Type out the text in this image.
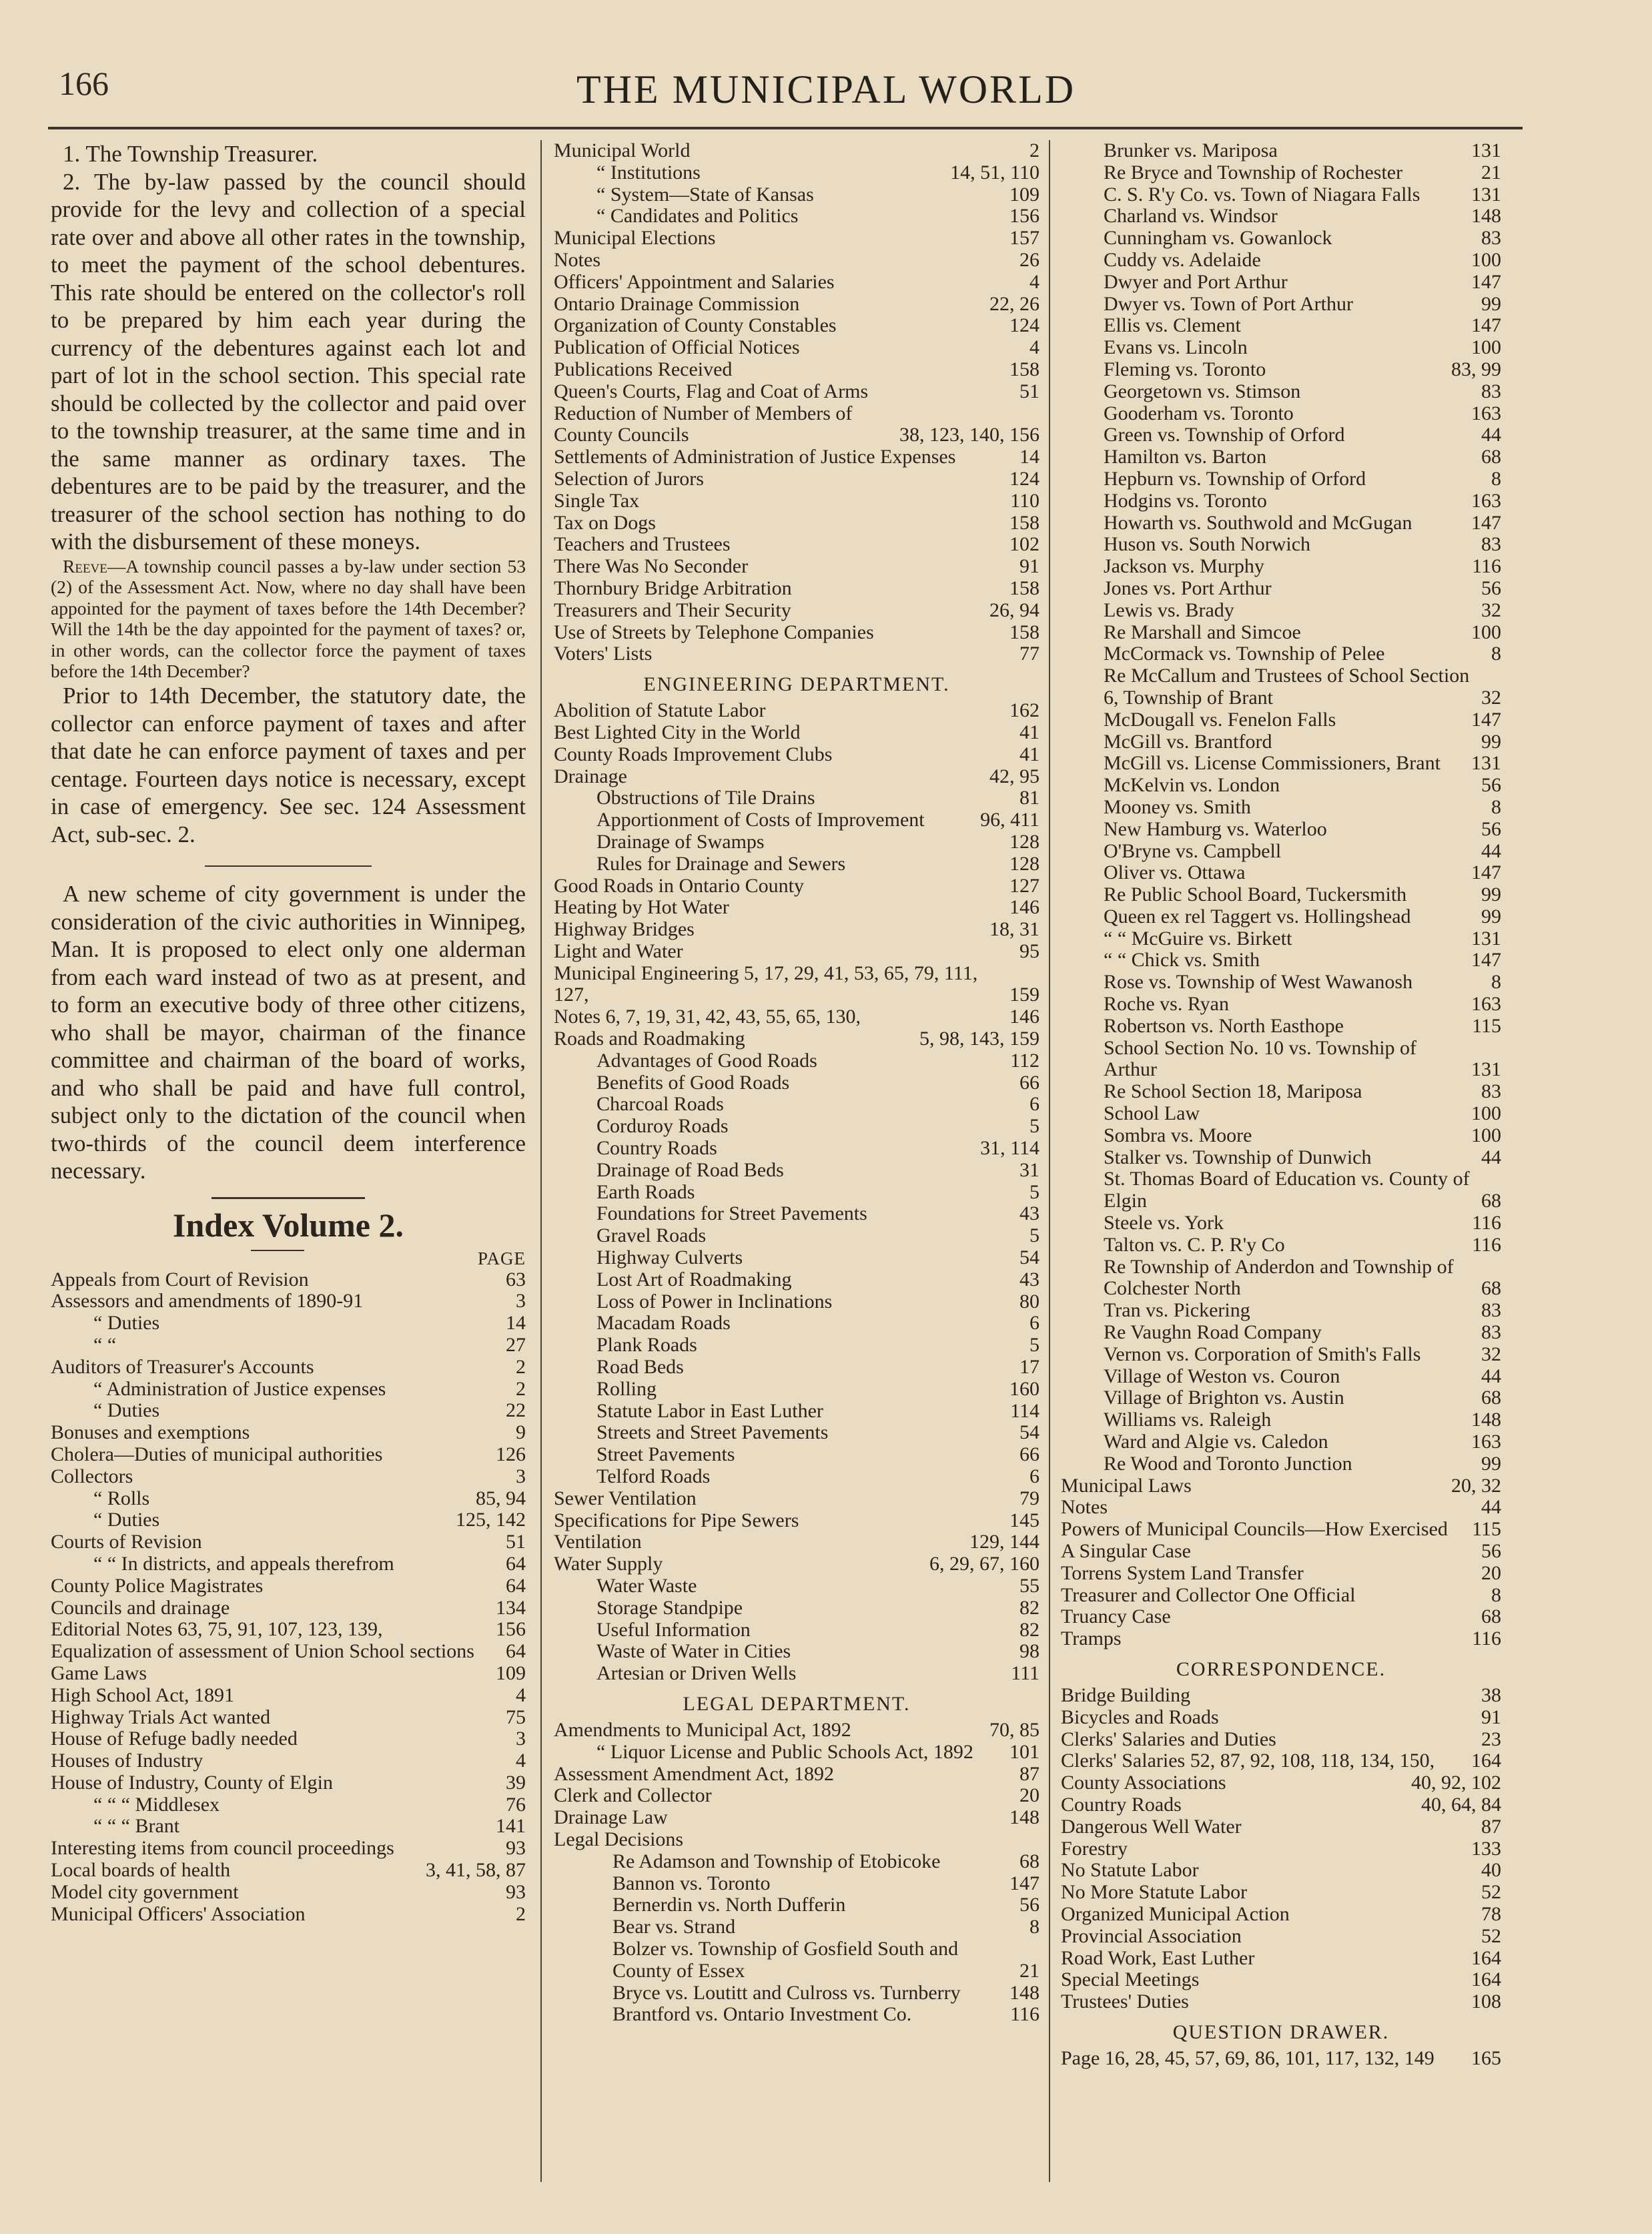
166	THE MUNICIPAL WORLD

1. The Township Treasurer.

2. The by-law passed by the council should provide for the levy and collection of a special rate over and above all other rates in the township, to meet the payment of the school debentures. This rate should be entered on the collector's roll to be prepared by him each year during the currency of the debentures against each lot and part of lot in the school section. This special rate should be collected by the collector and paid over to the township treasurer, at the same time and in the same manner as ordinary taxes. The debentures are to be paid by the treasurer, and the treasurer of the school section has nothing to do with the disbursement of these moneys.

Reeve—A township council passes a by-law under section 53 (2) of the Assessment Act. Now, where no day shall have been appointed for the payment of taxes before the 14th December? Will the 14th be the day appointed for the payment of taxes? or, in other words, can the collector force the payment of taxes before the 14th December?

Prior to 14th December, the statutory date, the collector can enforce payment of taxes and after that date he can enforce payment of taxes and per centage. Fourteen days notice is necessary, except in case of emergency. See sec. 124 Assessment Act, sub-sec. 2.

A new scheme of city government is under the consideration of the civic authorities in Winnipeg, Man. It is proposed to elect only one alderman from each ward instead of two as at present, and to form an executive body of three other citizens, who shall be mayor, chairman of the finance committee and chairman of the board of works, and who shall be paid and have full control, subject only to the dictation of the council when two-thirds of the council deem interference necessary.

Index Volume 2.
PAGE
Appeals from Court of Revision	63
Assessors and amendments of 1890-91	3
“ Duties	14
“ “	27
Auditors of Treasurer's Accounts	2
“ Administration of Justice expenses	2
“ Duties	22
Bonuses and exemptions	9
Cholera—Duties of municipal authorities	126
Collectors	3
“ Rolls	85, 94
“ Duties	125, 142
Courts of Revision	51
“ “ In districts, and appeals therefrom	64
County Police Magistrates	64
Councils and drainage	134
Editorial Notes 63, 75, 91, 107, 123, 139,	156
Equalization of assessment of Union School sections	64
Game Laws	109
High School Act, 1891	4
Highway Trials Act wanted	75
House of Refuge badly needed	3
Houses of Industry	4
House of Industry, County of Elgin	39
“ “ “ Middlesex	76
“ “ “ Brant	141
Interesting items from council proceedings	93
Local boards of health	3, 41, 58, 87
Model city government	93
Municipal Officers' Association	2
Municipal World	2
“ Institutions	14, 51, 110
“ System—State of Kansas	109
“ Candidates and Politics	156
Municipal Elections	157
Notes	26
Officers' Appointment and Salaries	4
Ontario Drainage Commission	22, 26
Organization of County Constables	124
Publication of Official Notices	4
Publications Received	158
Queen's Courts, Flag and Coat of Arms	51
Reduction of Number of Members of County Councils	38, 123, 140, 156
Settlements of Administration of Justice Expenses	14
Selection of Jurors	124
Single Tax	110
Tax on Dogs	158
Teachers and Trustees	102
There Was No Seconder	91
Thornbury Bridge Arbitration	158
Treasurers and Their Security	26, 94
Use of Streets by Telephone Companies	158
Voters' Lists	77
ENGINEERING DEPARTMENT.
Abolition of Statute Labor	162
Best Lighted City in the World	41
County Roads Improvement Clubs	41
Drainage	42, 95
Obstructions of Tile Drains	81
Apportionment of Costs of Improvement	96, 411
Drainage of Swamps	128
Rules for Drainage and Sewers	128
Good Roads in Ontario County	127
Heating by Hot Water	146
Highway Bridges	18, 31
Light and Water	95
Municipal Engineering 5, 17, 29, 41, 53, 65, 79, 111, 127,	159
Notes 6, 7, 19, 31, 42, 43, 55, 65, 130,	146
Roads and Roadmaking	5, 98, 143, 159
Advantages of Good Roads	112
Benefits of Good Roads	66
Charcoal Roads	6
Corduroy Roads	5
Country Roads	31, 114
Drainage of Road Beds	31
Earth Roads	5
Foundations for Street Pavements	43
Gravel Roads	5
Highway Culverts	54
Lost Art of Roadmaking	43
Loss of Power in Inclinations	80
Macadam Roads	6
Plank Roads	5
Road Beds	17
Rolling	160
Statute Labor in East Luther	114
Streets and Street Pavements	54
Street Pavements	66
Telford Roads	6
Sewer Ventilation	79
Specifications for Pipe Sewers	145
Ventilation	129, 144
Water Supply	6, 29, 67, 160
Water Waste	55
Storage Standpipe	82
Useful Information	82
Waste of Water in Cities	98
Artesian or Driven Wells	111
LEGAL DEPARTMENT.
Amendments to Municipal Act, 1892	70, 85
“ Liquor License and Public Schools Act, 1892	101
Assessment Amendment Act, 1892	87
Clerk and Collector	20
Drainage Law	148
Legal Decisions
Re Adamson and Township of Etobicoke	68
Bannon vs. Toronto	147
Bernerdin vs. North Dufferin	56
Bear vs. Strand	8
Bolzer vs. Township of Gosfield South and County of Essex	21
Bryce vs. Loutitt and Culross vs. Turnberry	148
Brantford vs. Ontario Investment Co.	116
Brunker vs. Mariposa	131
Re Bryce and Township of Rochester	21
C. S. R'y Co. vs. Town of Niagara Falls	131
Charland vs. Windsor	148
Cunningham vs. Gowanlock	83
Cuddy vs. Adelaide	100
Dwyer and Port Arthur	147
Dwyer vs. Town of Port Arthur	99
Ellis vs. Clement	147
Evans vs. Lincoln	100
Fleming vs. Toronto	83, 99
Georgetown vs. Stimson	83
Gooderham vs. Toronto	163
Green vs. Township of Orford	44
Hamilton vs. Barton	68
Hepburn vs. Township of Orford	8
Hodgins vs. Toronto	163
Howarth vs. Southwold and McGugan	147
Huson vs. South Norwich	83
Jackson vs. Murphy	116
Jones vs. Port Arthur	56
Lewis vs. Brady	32
Re Marshall and Simcoe	100
McCormack vs. Township of Pelee	8
Re McCallum and Trustees of School Section 6, Township of Brant	32
McDougall vs. Fenelon Falls	147
McGill vs. Brantford	99
McGill vs. License Commissioners, Brant	131
McKelvin vs. London	56
Mooney vs. Smith	8
New Hamburg vs. Waterloo	56
O'Bryne vs. Campbell	44
Oliver vs. Ottawa	147
Re Public School Board, Tuckersmith	99
Queen ex rel Taggert vs. Hollingshead	99
“ “ McGuire vs. Birkett	131
“ “ Chick vs. Smith	147
Rose vs. Township of West Wawanosh	8
Roche vs. Ryan	163
Robertson vs. North Easthope	115
School Section No. 10 vs. Township of Arthur	131
Re School Section 18, Mariposa	83
School Law	100
Sombra vs. Moore	100
Stalker vs. Township of Dunwich	44
St. Thomas Board of Education vs. County of Elgin	68
Steele vs. York	116
Talton vs. C. P. R'y Co	116
Re Township of Anderdon and Township of Colchester North	68
Tran vs. Pickering	83
Re Vaughn Road Company	83
Vernon vs. Corporation of Smith's Falls	32
Village of Weston vs. Couron	44
Village of Brighton vs. Austin	68
Williams vs. Raleigh	148
Ward and Algie vs. Caledon	163
Re Wood and Toronto Junction	99
Municipal Laws	20, 32
Notes	44
Powers of Municipal Councils—How Exercised	115
A Singular Case	56
Torrens System Land Transfer	20
Treasurer and Collector One Official	8
Truancy Case	68
Tramps	116
CORRESPONDENCE.
Bridge Building	38
Bicycles and Roads	91
Clerks' Salaries and Duties	23
Clerks' Salaries 52, 87, 92, 108, 118, 134, 150,	164
County Associations	40, 92, 102
Country Roads	40, 64, 84
Dangerous Well Water	87
Forestry	133
No Statute Labor	40
No More Statute Labor	52
Organized Municipal Action	78
Provincial Association	52
Road Work, East Luther	164
Special Meetings	164
Trustees' Duties	108
QUESTION DRAWER.
Page 16, 28, 45, 57, 69, 86, 101, 117, 132, 149	165
